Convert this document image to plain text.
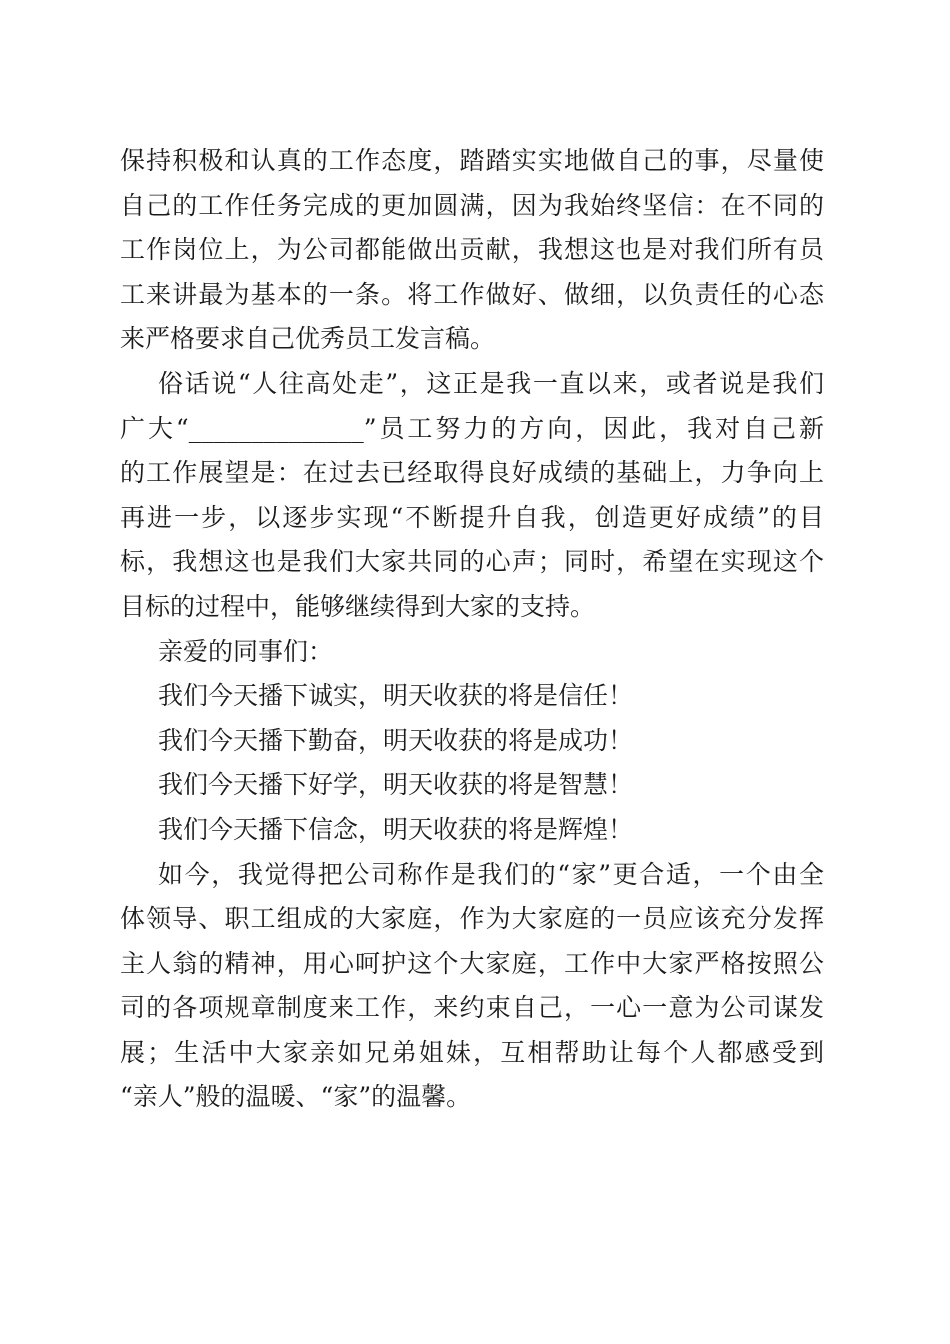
保持积极和认真的工作态度，踏踏实实地做自己的事，尽量使
自己的工作任务完成的更加圆满，因为我始终坚信：在不同的
工作岗位上，为公司都能做出贡献，我想这也是对我们所有员
工来讲最为基本的一条。将工作做好、做细，以负责任的心态
来严格要求自己优秀员工发言稿。
俗话说“人往高处走”，这正是我一直以来，或者说是我们
广大“______________”员工努力的方向，因此，我对自己新
的工作展望是：在过去已经取得良好成绩的基础上，力争向上
再进一步，以逐步实现“不断提升自我，创造更好成绩”的目
标，我想这也是我们大家共同的心声；同时，希望在实现这个
目标的过程中，能够继续得到大家的支持。
亲爱的同事们：
我们今天播下诚实，明天收获的将是信任！
我们今天播下勤奋，明天收获的将是成功！
我们今天播下好学，明天收获的将是智慧！
我们今天播下信念，明天收获的将是辉煌！
如今，我觉得把公司称作是我们的“家”更合适，一个由全
体领导、职工组成的大家庭，作为大家庭的一员应该充分发挥
主人翁的精神，用心呵护这个大家庭，工作中大家严格按照公
司的各项规章制度来工作，来约束自己，一心一意为公司谋发
展；生活中大家亲如兄弟姐妹，互相帮助让每个人都感受到
“亲人”般的温暖、“家”的温馨。
